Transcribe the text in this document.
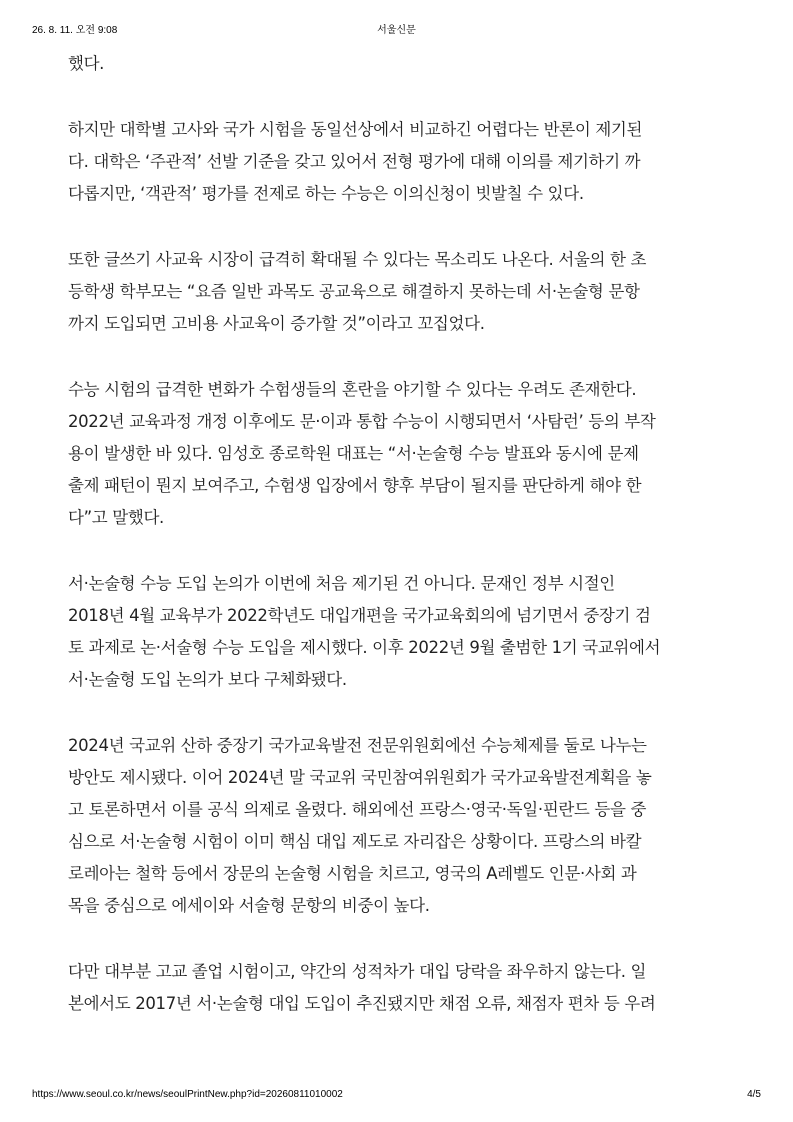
26. 8. 11. 오전 9:08	서울신문
했다.
하지만 대학별 고사와 국가 시험을 동일선상에서 비교하긴 어렵다는 반론이 제기된
다. 대학은 ‘주관적’ 선발 기준을 갖고 있어서 전형 평가에 대해 이의를 제기하기 까
다롭지만, ‘객관적’ 평가를 전제로 하는 수능은 이의신청이 빗발칠 수 있다.
또한 글쓰기 사교육 시장이 급격히 확대될 수 있다는 목소리도 나온다. 서울의 한 초
등학생 학부모는 “요즘 일반 과목도 공교육으로 해결하지 못하는데 서·논술형 문항
까지 도입되면 고비용 사교육이 증가할 것”이라고 꼬집었다.
수능 시험의 급격한 변화가 수험생들의 혼란을 야기할 수 있다는 우려도 존재한다.
2022년 교육과정 개정 이후에도 문·이과 통합 수능이 시행되면서 ‘사탐런’ 등의 부작
용이 발생한 바 있다. 임성호 종로학원 대표는 “서·논술형 수능 발표와 동시에 문제
출제 패턴이 뭔지 보여주고, 수험생 입장에서 향후 부담이 될지를 판단하게 해야 한
다”고 말했다.
서·논술형 수능 도입 논의가 이번에 처음 제기된 건 아니다. 문재인 정부 시절인
2018년 4월 교육부가 2022학년도 대입개편을 국가교육회의에 넘기면서 중장기 검
토 과제로 논·서술형 수능 도입을 제시했다. 이후 2022년 9월 출범한 1기 국교위에서
서·논술형 도입 논의가 보다 구체화됐다.
2024년 국교위 산하 중장기 국가교육발전 전문위원회에선 수능체제를 둘로 나누는
방안도 제시됐다. 이어 2024년 말 국교위 국민참여위원회가 국가교육발전계획을 놓
고 토론하면서 이를 공식 의제로 올렸다. 해외에선 프랑스·영국·독일·핀란드 등을 중
심으로 서·논술형 시험이 이미 핵심 대입 제도로 자리잡은 상황이다. 프랑스의 바칼
로레아는 철학 등에서 장문의 논술형 시험을 치르고, 영국의 A레벨도 인문·사회 과
목을 중심으로 에세이와 서술형 문항의 비중이 높다.
다만 대부분 고교 졸업 시험이고, 약간의 성적차가 대입 당락을 좌우하지 않는다. 일
본에서도 2017년 서·논술형 대입 도입이 추진됐지만 채점 오류, 채점자 편차 등 우려
https://www.seoul.co.kr/news/seoulPrintNew.php?id=20260811010002	4/5
